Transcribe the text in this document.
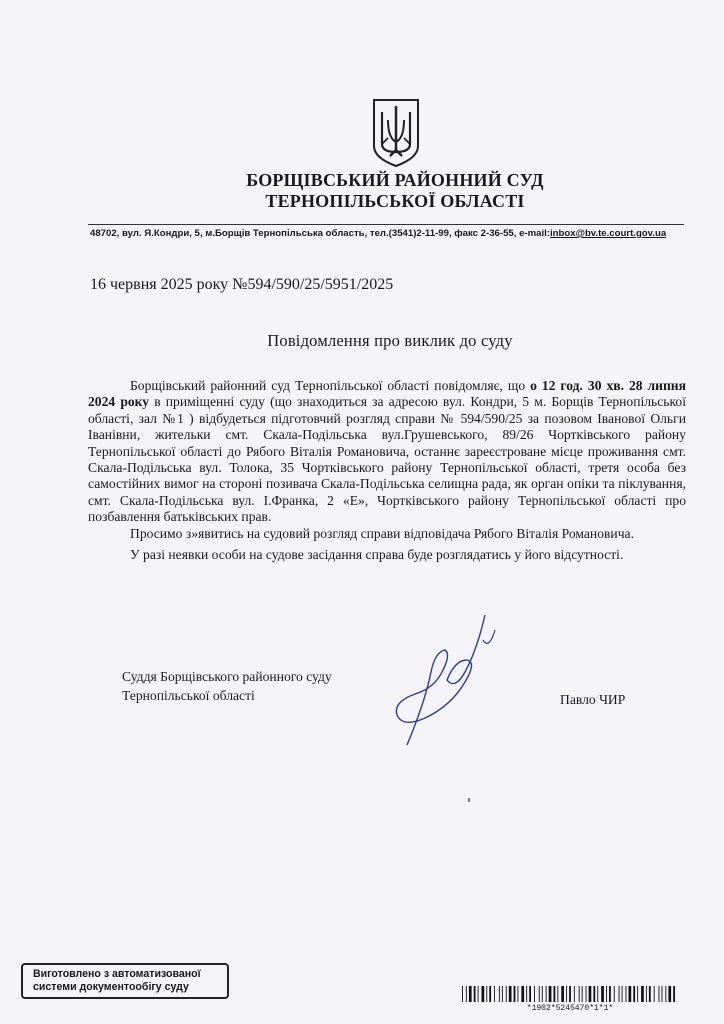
БОРЩІВСЬКИЙ РАЙОННИЙ СУД
ТЕРНОПІЛЬСЬКОЇ ОБЛАСТІ
48702, вул. Я.Кондри, 5, м.Борщів Тернопільська область, тел.(3541)2-11-99, факс 2-36-55, e-mail:inbox@bv.te.court.gov.ua
16 червня 2025 року №594/590/25/5951/2025
Повідомлення про виклик до суду

Борщівський районний суд Тернопільської області повідомляє, що о 12 год. 30 хв. 28 липня 2024 року в приміщенні суду (що знаходиться за адресою вул. Кондри, 5 м. Борщів Тернопільської області, зал №1 ) відбудеться підготовчий розгляд справи № 594/590/25 за позовом Іванової Ольги Іванівни, жительки смт. Скала-Подільська вул.Грушевського, 89/26 Чортківського району Тернопільської області до Рябого Віталія Романовича, останнє зареєстроване місце проживання смт. Скала-Подільська вул. Толока, 35 Чортківського району Тернопільської області, третя особа без самостійних вимог на стороні позивача Скала-Подільська селищна рада, як орган опіки та піклування, смт. Скала-Подільська вул. І.Франка, 2 «Е», Чортківського району Тернопільської області про позбавлення батьківських прав.

Просимо з»явитись на судовий розгляд справи відповідача Рябого Віталія Романовича.

У разі неявки особи на судове засідання справа буде розглядатись у його відсутності.

Суддя Борщівського районного суду
Тернопільської області	Павло ЧИР
Виготовлено з автоматизованої
системи документообігу суду
*1902*5245470*1*1*
